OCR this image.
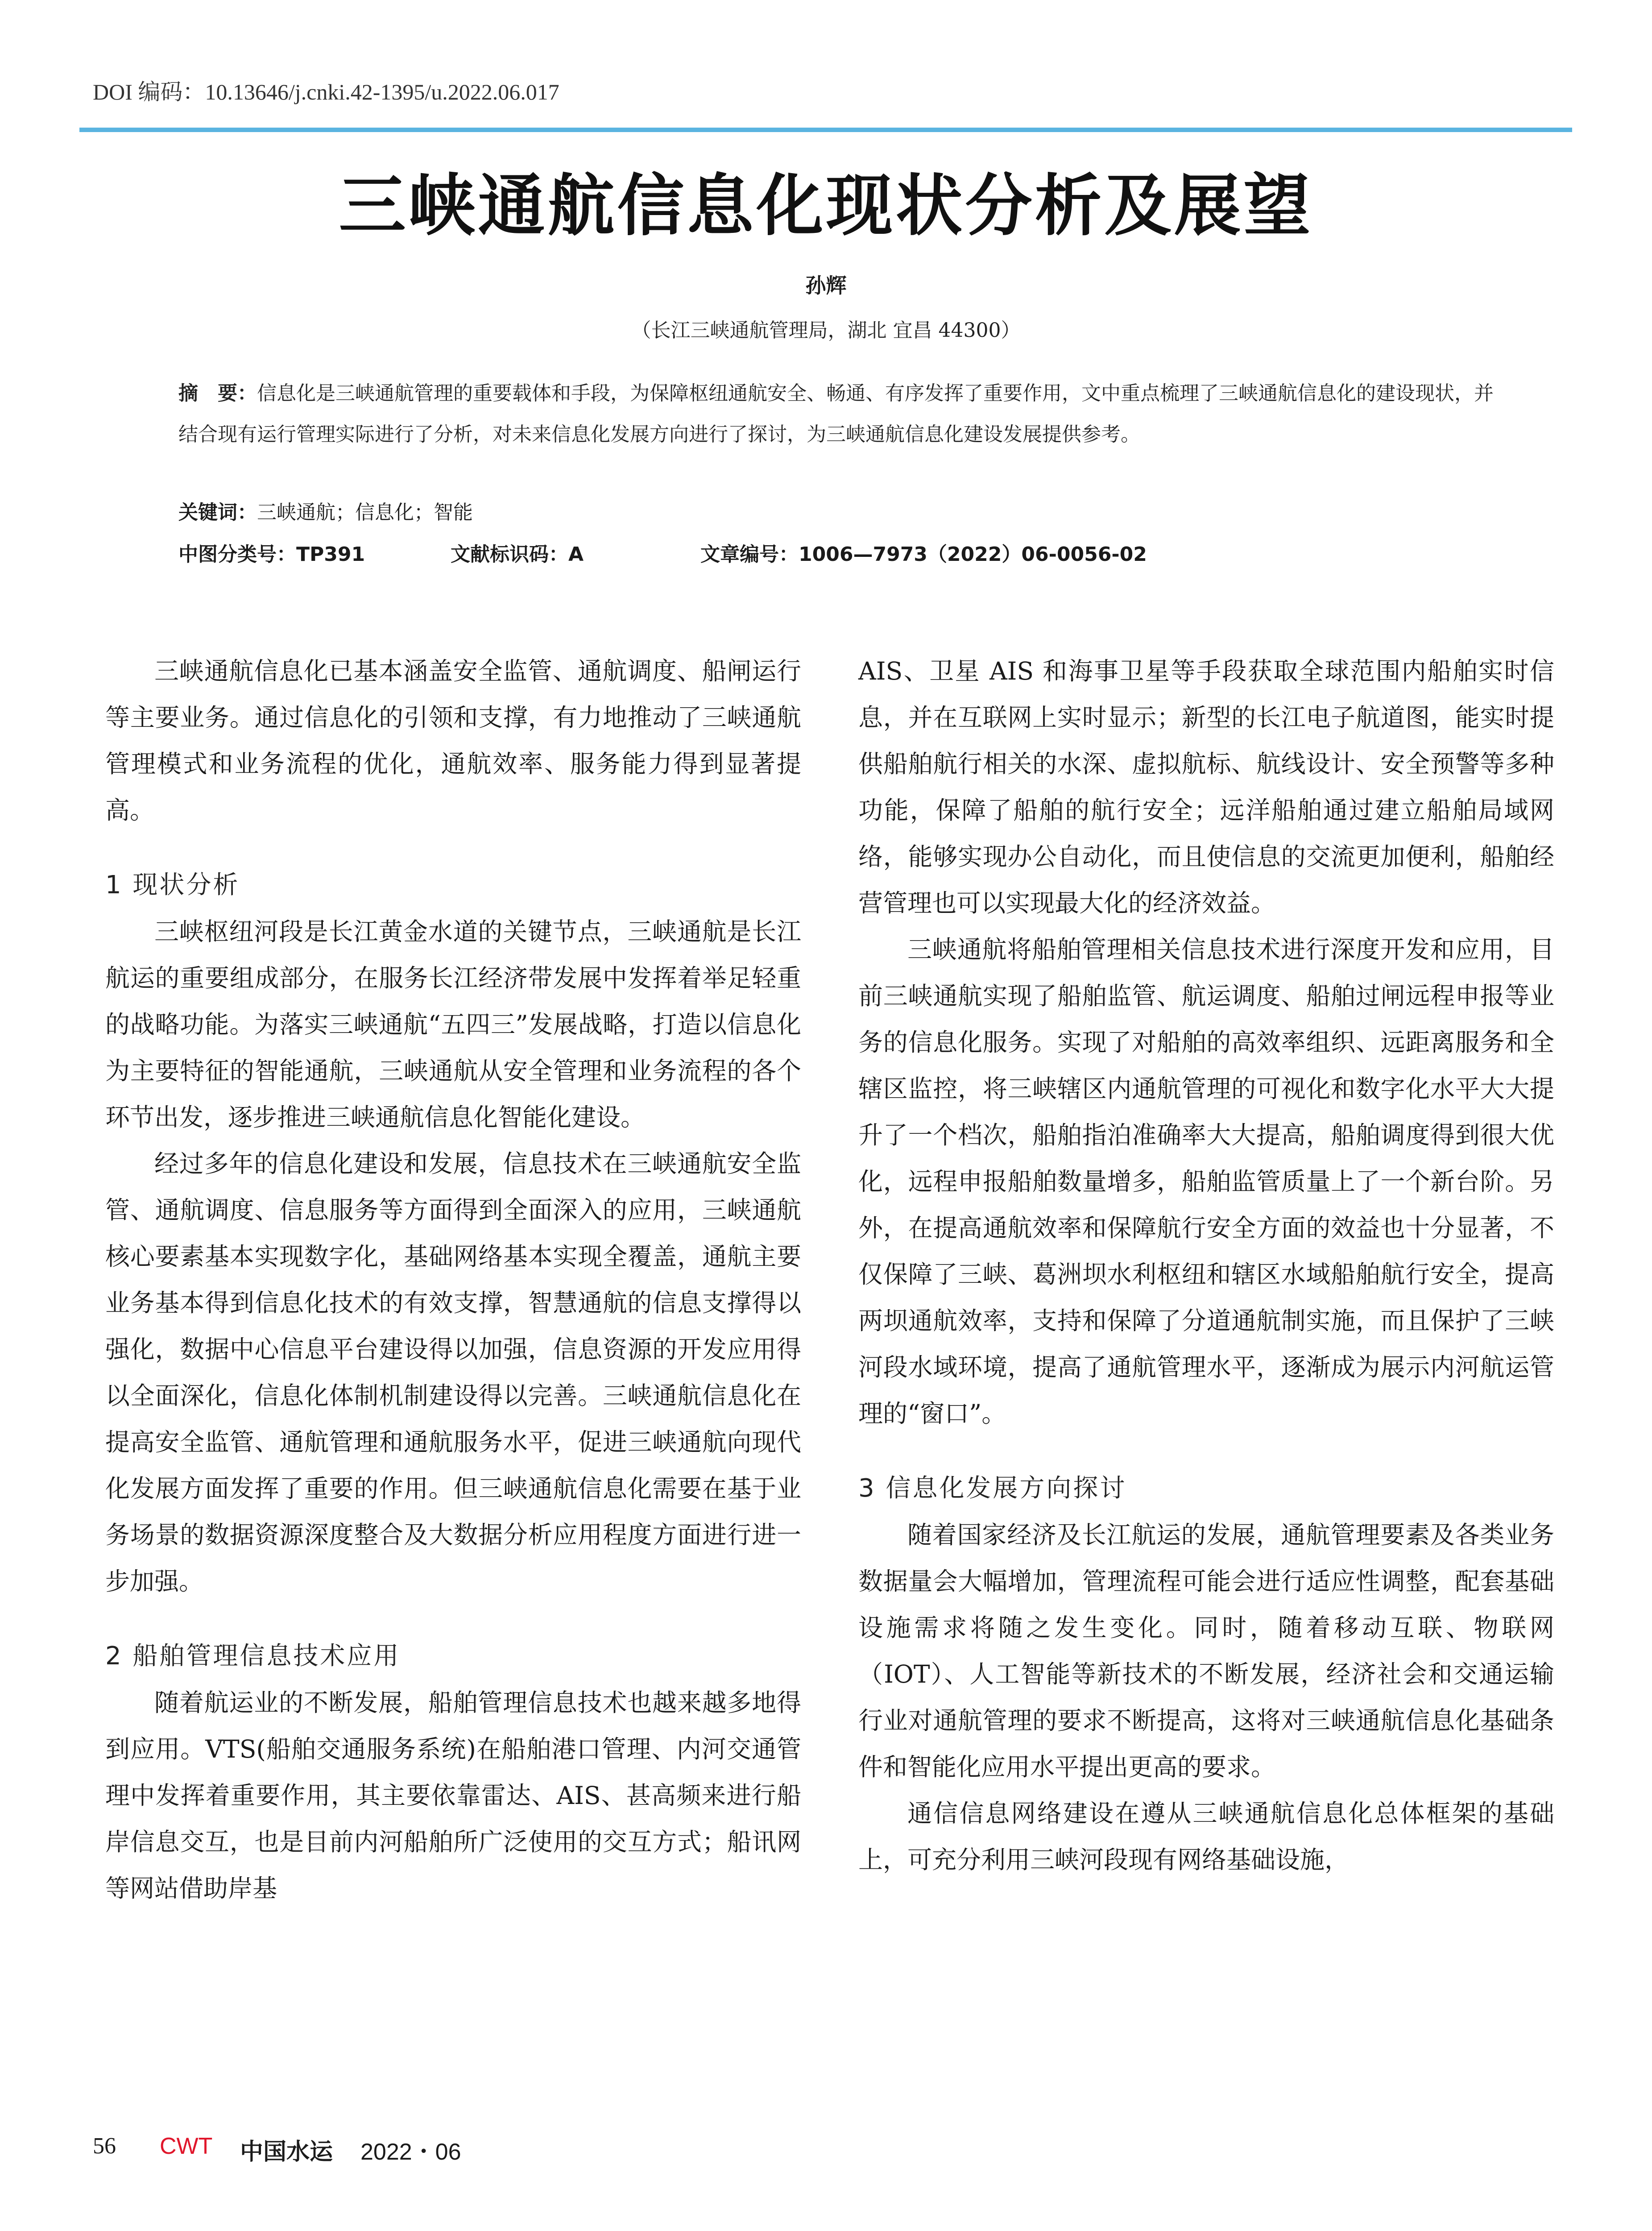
DOI 编码：10.13646/j.cnki.42-1395/u.2022.06.017
三峡通航信息化现状分析及展望
孙辉
（长江三峡通航管理局，湖北 宜昌 44300）
摘　要：信息化是三峡通航管理的重要载体和手段，为保障枢纽通航安全、畅通、有序发挥了重要作用，文中重点梳理了三峡通航信息化的建设现状，并结合现有运行管理实际进行了分析，对未来信息化发展方向进行了探讨，为三峡通航信息化建设发展提供参考。
关键词：三峡通航；信息化；智能
中图分类号：TP391	文献标识码：A	文章编号：1006—7973（2022）06-0056-02

三峡通航信息化已基本涵盖安全监管、通航调度、船闸运行等主要业务。通过信息化的引领和支撑，有力地推动了三峡通航管理模式和业务流程的优化，通航效率、服务能力得到显著提高。

1 现状分析

三峡枢纽河段是长江黄金水道的关键节点，三峡通航是长江航运的重要组成部分，在服务长江经济带发展中发挥着举足轻重的战略功能。为落实三峡通航“五四三”发展战略，打造以信息化为主要特征的智能通航，三峡通航从安全管理和业务流程的各个环节出发，逐步推进三峡通航信息化智能化建设。

经过多年的信息化建设和发展，信息技术在三峡通航安全监管、通航调度、信息服务等方面得到全面深入的应用，三峡通航核心要素基本实现数字化，基础网络基本实现全覆盖，通航主要业务基本得到信息化技术的有效支撑，智慧通航的信息支撑得以强化，数据中心信息平台建设得以加强，信息资源的开发应用得以全面深化，信息化体制机制建设得以完善。三峡通航信息化在提高安全监管、通航管理和通航服务水平，促进三峡通航向现代化发展方面发挥了重要的作用。但三峡通航信息化需要在基于业务场景的数据资源深度整合及大数据分析应用程度方面进行进一步加强。

2 船舶管理信息技术应用

随着航运业的不断发展，船舶管理信息技术也越来越多地得到应用。VTS(船舶交通服务系统)在船舶港口管理、内河交通管理中发挥着重要作用，其主要依靠雷达、AIS、甚高频来进行船岸信息交互，也是目前内河船舶所广泛使用的交互方式；船讯网等网站借助岸基

AIS、卫星 AIS 和海事卫星等手段获取全球范围内船舶实时信息，并在互联网上实时显示；新型的长江电子航道图，能实时提供船舶航行相关的水深、虚拟航标、航线设计、安全预警等多种功能，保障了船舶的航行安全；远洋船舶通过建立船舶局域网络，能够实现办公自动化，而且使信息的交流更加便利，船舶经营管理也可以实现最大化的经济效益。

三峡通航将船舶管理相关信息技术进行深度开发和应用，目前三峡通航实现了船舶监管、航运调度、船舶过闸远程申报等业务的信息化服务。实现了对船舶的高效率组织、远距离服务和全辖区监控，将三峡辖区内通航管理的可视化和数字化水平大大提升了一个档次，船舶指泊准确率大大提高，船舶调度得到很大优化，远程申报船舶数量增多，船舶监管质量上了一个新台阶。另外，在提高通航效率和保障航行安全方面的效益也十分显著，不仅保障了三峡、葛洲坝水利枢纽和辖区水域船舶航行安全，提高两坝通航效率，支持和保障了分道通航制实施，而且保护了三峡河段水域环境，提高了通航管理水平，逐渐成为展示内河航运管理的“窗口”。

3 信息化发展方向探讨

随着国家经济及长江航运的发展，通航管理要素及各类业务数据量会大幅增加，管理流程可能会进行适应性调整，配套基础设施需求将随之发生变化。同时，随着移动互联、物联网（IOT）、人工智能等新技术的不断发展，经济社会和交通运输行业对通航管理的要求不断提高，这将对三峡通航信息化基础条件和智能化应用水平提出更高的要求。

通信信息网络建设在遵从三峡通航信息化总体框架的基础上，可充分利用三峡河段现有网络基础设施，

56 CWT 中国水运 2022・06
